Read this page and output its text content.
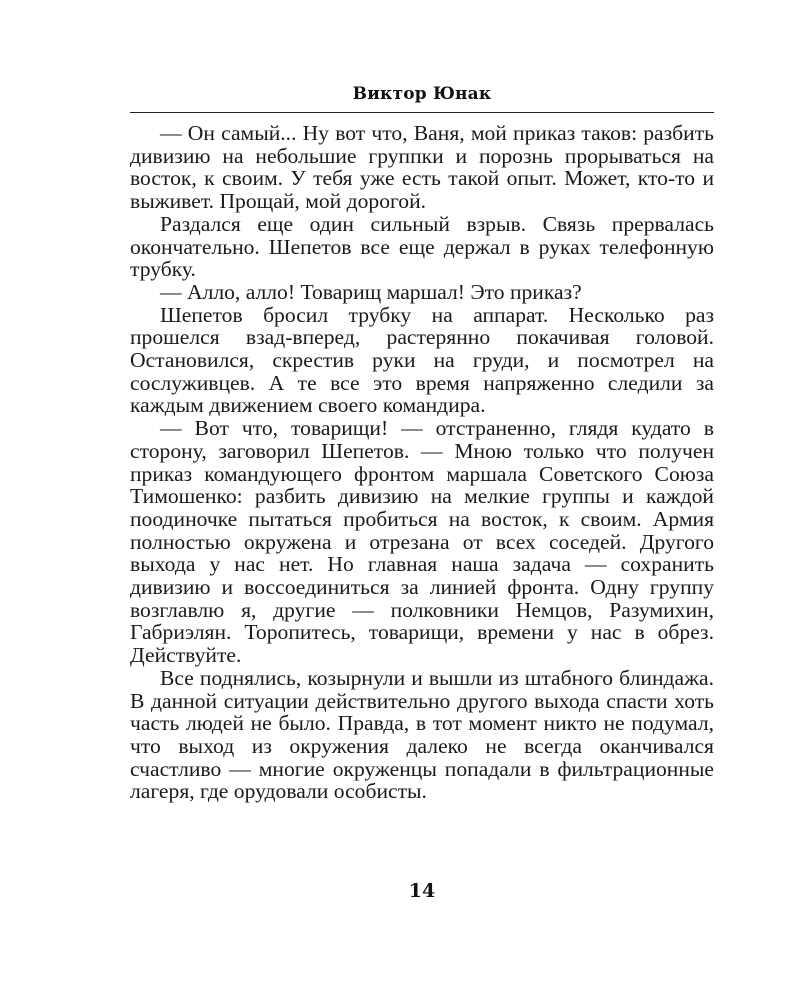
Виктор Юнак

— Он самый... Ну вот что, Ваня, мой приказ таков: разбить дивизию на небольшие группки и порознь прорываться на восток, к своим. У тебя уже есть такой опыт. Может, кто-то и выживет. Прощай, мой дорогой.

Раздался еще один сильный взрыв. Связь прервалась окончательно. Шепетов все еще держал в руках телефонную трубку.

— Алло, алло! Товарищ маршал! Это приказ?

Шепетов бросил трубку на аппарат. Несколько раз прошелся взад-вперед, растерянно покачивая головой. Остановился, скрестив руки на груди, и посмотрел на сослуживцев. А те все это время напряженно следили за каждым движением своего командира.

— Вот что, товарищи! — отстраненно, глядя кудато в сторону, заговорил Шепетов. — Мною только что получен приказ командующего фронтом маршала Советского Союза Тимошенко: разбить дивизию на мелкие группы и каждой поодиночке пытаться пробиться на восток, к своим. Армия полностью окружена и отрезана от всех соседей. Другого выхода у нас нет. Но главная наша задача — сохранить дивизию и воссоединиться за линией фронта. Одну группу возглавлю я, другие — полковники Немцов, Разумихин, Габриэлян. Торопитесь, товарищи, времени у нас в обрез. Действуйте.

Все поднялись, козырнули и вышли из штабного блиндажа. В данной ситуации действительно другого выхода спасти хоть часть людей не было. Правда, в тот момент никто не подумал, что выход из окружения далеко не всегда оканчивался счастливо — многие окруженцы попадали в фильтрационные лагеря, где орудовали особисты.

14
